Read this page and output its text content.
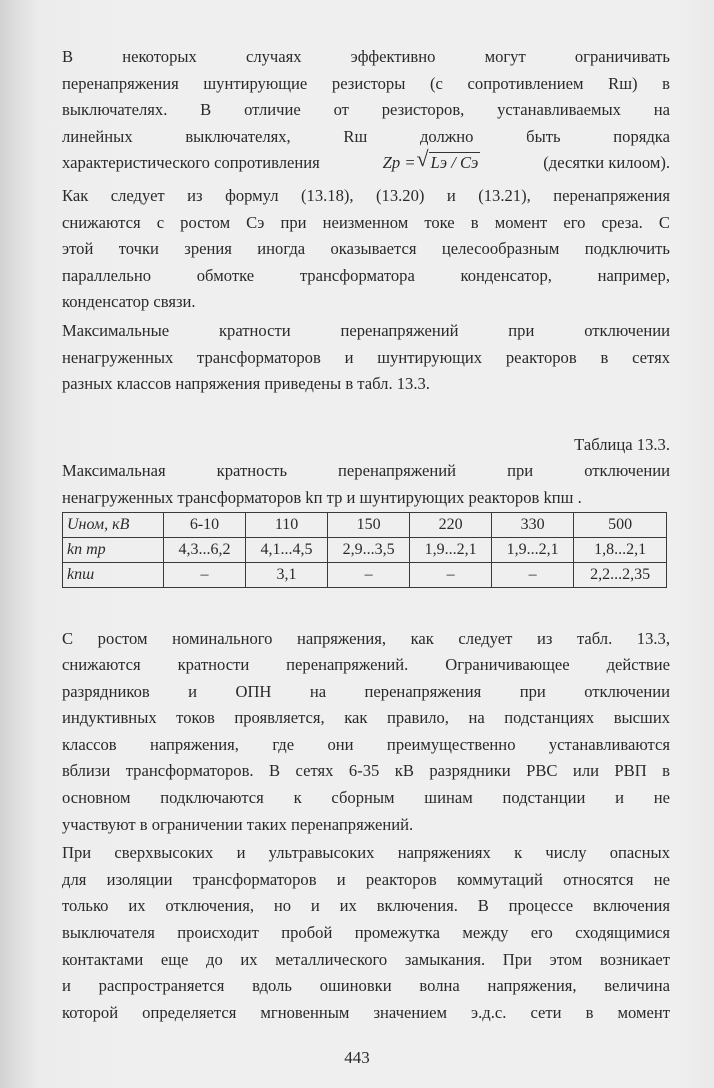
В некоторых случаях эффективно могут ограничивать
перенапряжения шунтирующие резисторы (с сопротивлением Rш) в
выключателях. В отличие от резисторов, устанавливаемых на
линейных выключателях, Rш должно быть порядка
характеристического сопротивления	Zр = √ Lэ / Cэ	(десятки килоом).
Как следует из формул (13.18), (13.20) и (13.21), перенапряжения
снижаются с ростом Cэ при неизменном токе в момент его среза. С
этой точки зрения иногда оказывается целесообразным подключить
параллельно обмотке трансформатора конденсатор, например,
конденсатор связи.
Максимальные кратности перенапряжений при отключении
ненагруженных трансформаторов и шунтирующих реакторов в сетях
разных классов напряжения приведены в табл. 13.3.
Таблица 13.3.
Максимальная кратность перенапряжений при отключении
ненагруженных трансформаторов kп тр и шунтирующих реакторов kпш .
Uном, кВ	6-10	110	150	220	330	500
kп тр	4,3...6,2	4,1...4,5	2,9...3,5	1,9...2,1	1,9...2,1	1,8...2,1
kпш	–	3,1	–	–	–	2,2...2,35
С ростом номинального напряжения, как следует из табл. 13.3,
снижаются кратности перенапряжений. Ограничивающее действие
разрядников и ОПН на перенапряжения при отключении
индуктивных токов проявляется, как правило, на подстанциях высших
классов напряжения, где они преимущественно устанавливаются
вблизи трансформаторов. В сетях 6-35 кВ разрядники РВС или РВП в
основном подключаются к сборным шинам подстанции и не
участвуют в ограничении таких перенапряжений.
При сверхвысоких и ультравысоких напряжениях к числу опасных
для изоляции трансформаторов и реакторов коммутаций относятся не
только их отключения, но и их включения. В процессе включения
выключателя происходит пробой промежутка между его сходящимися
контактами еще до их металлического замыкания. При этом возникает
и распространяется вдоль ошиновки волна напряжения, величина
которой определяется мгновенным значением э.д.с. сети в момент
443
